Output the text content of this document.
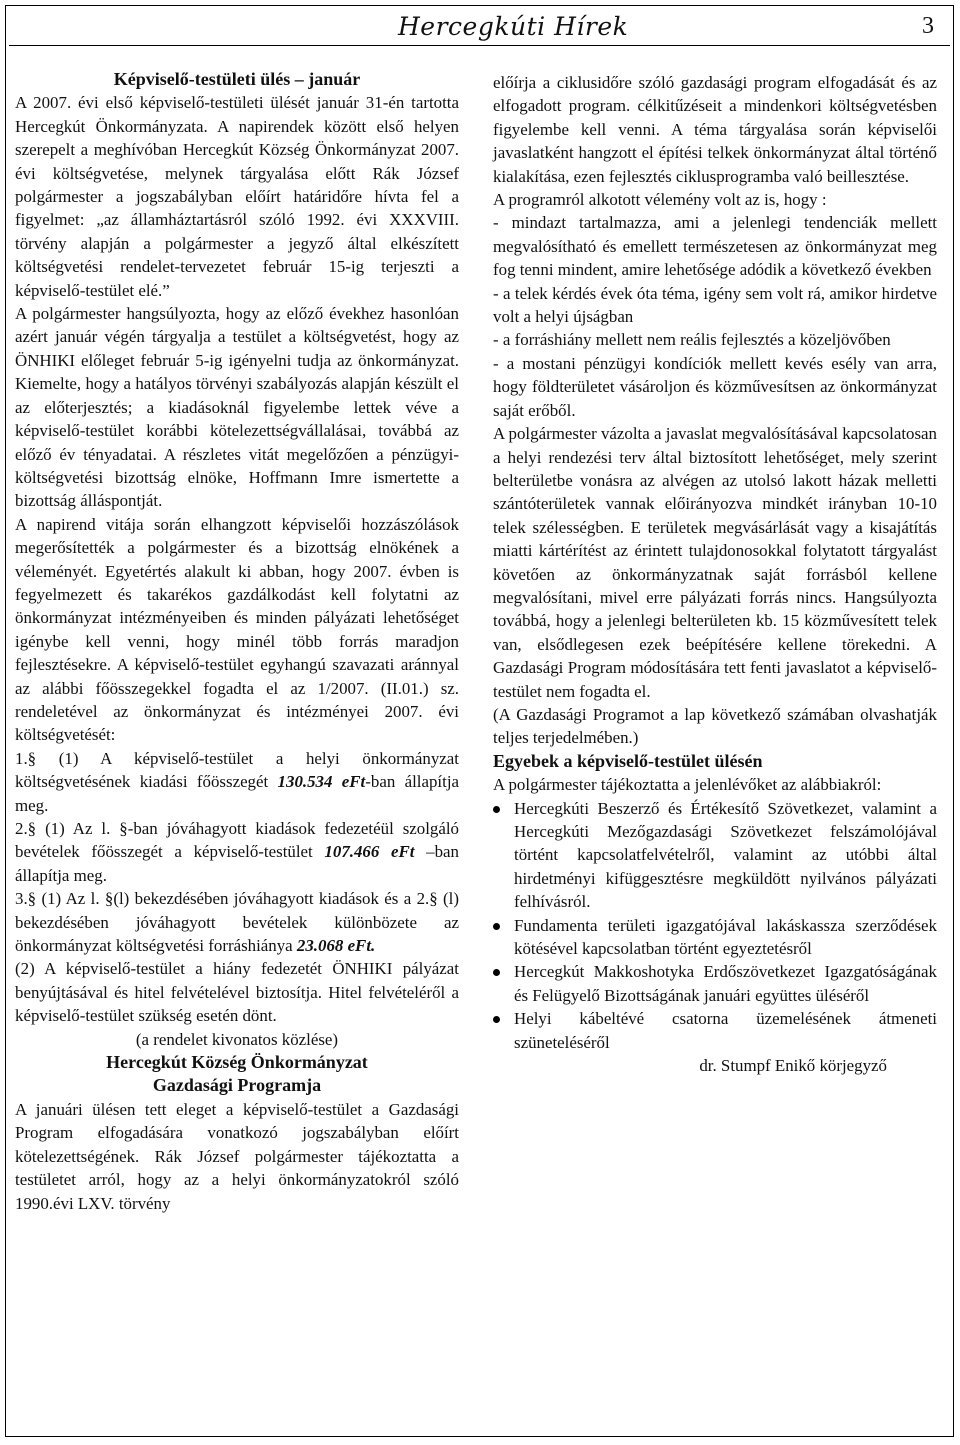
Hercegkúti Hírek	3

Képviselő-testületi ülés – január

A 2007. évi első képviselő-testületi ülését január 31-én tartotta Hercegkút Önkormányzata. A napirendek között első helyen szerepelt a meghívóban Hercegkút Község Önkormányzat 2007. évi költségvetése, melynek tárgyalása előtt Rák József polgármester a jogszabályban előírt határidőre hívta fel a figyelmet: „az államháztartásról szóló 1992. évi XXXVIII. törvény alapján a polgármester a jegyző által elkészített költségvetési rendelet-tervezetet február 15-ig terjeszti a képviselő-testület elé.”

A polgármester hangsúlyozta, hogy az előző évekhez hasonlóan azért január végén tárgyalja a testület a költségvetést, hogy az ÖNHIKI előleget február 5-ig igényelni tudja az önkormányzat. Kiemelte, hogy a hatályos törvényi szabályozás alapján készült el az előterjesztés; a kiadásoknál figyelembe lettek véve a képviselő-testület korábbi kötelezettségvállalásai, továbbá az előző év tényadatai. A részletes vitát megelőzően a pénzügyi-költségvetési bizottság elnöke, Hoffmann Imre ismertette a bizottság álláspontját.

A napirend vitája során elhangzott képviselői hozzászólások megerősítették a polgármester és a bizottság elnökének a véleményét. Egyetértés alakult ki abban, hogy 2007. évben is fegyelmezett és takarékos gazdálkodást kell folytatni az önkormányzat intézményeiben és minden pályázati lehetőséget igénybe kell venni, hogy minél több forrás maradjon fejlesztésekre. A képviselő-testület egyhangú szavazati aránnyal az alábbi főösszegekkel fogadta el az 1/2007. (II.01.) sz. rendeletével az önkormányzat és intézményei 2007. évi költségvetését:

1.§ (1) A képviselő-testület a helyi önkormányzat költségvetésének kiadási főösszegét 130.534 eFt-ban állapítja meg.

2.§ (1) Az l. §-ban jóváhagyott kiadások fedezetéül szolgáló bevételek főösszegét a képviselő-testület 107.466 eFt –ban állapítja meg.

3.§ (1) Az l. §(l) bekezdésében jóváhagyott kiadások és a 2.§ (l) bekezdésében jóváhagyott bevételek különbözete az önkormányzat költségvetési forráshiánya 23.068 eFt.

(2) A képviselő-testület a hiány fedezetét ÖNHIKI pályázat benyújtásával és hitel felvételével biztosítja. Hitel felvételéről a képviselő-testület szükség esetén dönt.

(a rendelet kivonatos közlése)

Hercegkút Község Önkormányzat

Gazdasági Programja

A januári ülésen tett eleget a képviselő-testület a Gazdasági Program elfogadására vonatkozó jogszabályban előírt kötelezettségének. Rák József polgármester tájékoztatta a testületet arról, hogy az a helyi önkormányzatokról szóló 1990.évi LXV. törvény

előírja a ciklusidőre szóló gazdasági program elfogadását és az elfogadott program. célkitűzéseit a mindenkori költségvetésben figyelembe kell venni. A téma tárgyalása során képviselői javaslatként hangzott el építési telkek önkormányzat által történő kialakítása, ezen fejlesztés ciklusprogramba való beillesztése.

A programról alkotott vélemény volt az is, hogy :

- mindazt tartalmazza, ami a jelenlegi tendenciák mellett megvalósítható és emellett természetesen az önkormányzat meg fog tenni mindent, amire lehetősége adódik a következő években

- a telek kérdés évek óta téma, igény sem volt rá, amikor hirdetve volt a helyi újságban

- a forráshiány mellett nem reális fejlesztés a közeljövőben

- a mostani pénzügyi kondíciók mellett kevés esély van arra, hogy földterületet vásároljon és közművesítsen az önkormányzat saját erőből.

A polgármester vázolta a javaslat megvalósításával kapcsolatosan a helyi rendezési terv által biztosított lehetőséget, mely szerint belterületbe vonásra az alvégen az utolsó lakott házak melletti szántóterületek vannak előirányozva mindkét irányban 10-10 telek szélességben. E területek megvásárlását vagy a kisajátítás miatti kártérítést az érintett tulajdonosokkal folytatott tárgyalást követően az önkormányzatnak saját forrásból kellene megvalósítani, mivel erre pályázati forrás nincs. Hangsúlyozta továbbá, hogy a jelenlegi belterületen kb. 15 közművesített telek van, elsődlegesen ezek beépítésére kellene törekedni. A Gazdasági Program módosítására tett fenti javaslatot a képviselő-testület nem fogadta el.

(A Gazdasági Programot a lap következő számában olvashatják teljes terjedelmében.)

Egyebek a képviselő-testület ülésén

A polgármester tájékoztatta a jelenlévőket az alábbiakról:

Hercegkúti Beszerző és Értékesítő Szövetkezet, valamint a Hercegkúti Mezőgazdasági Szövetkezet felszámolójával történt kapcsolatfelvételről, valamint az utóbbi által hirdetményi kifüggesztésre megküldött nyilvános pályázati felhívásról.
Fundamenta területi igazgatójával lakáskassza szerződések kötésével kapcsolatban történt egyeztetésről
Hercegkút Makkoshotyka Erdőszövetkezet Igazgatóságának és Felügyelő Bizottságának januári együttes üléséről
Helyi kábeltévé csatorna üzemelésének átmeneti szüneteléséről

dr. Stumpf Enikő körjegyző
